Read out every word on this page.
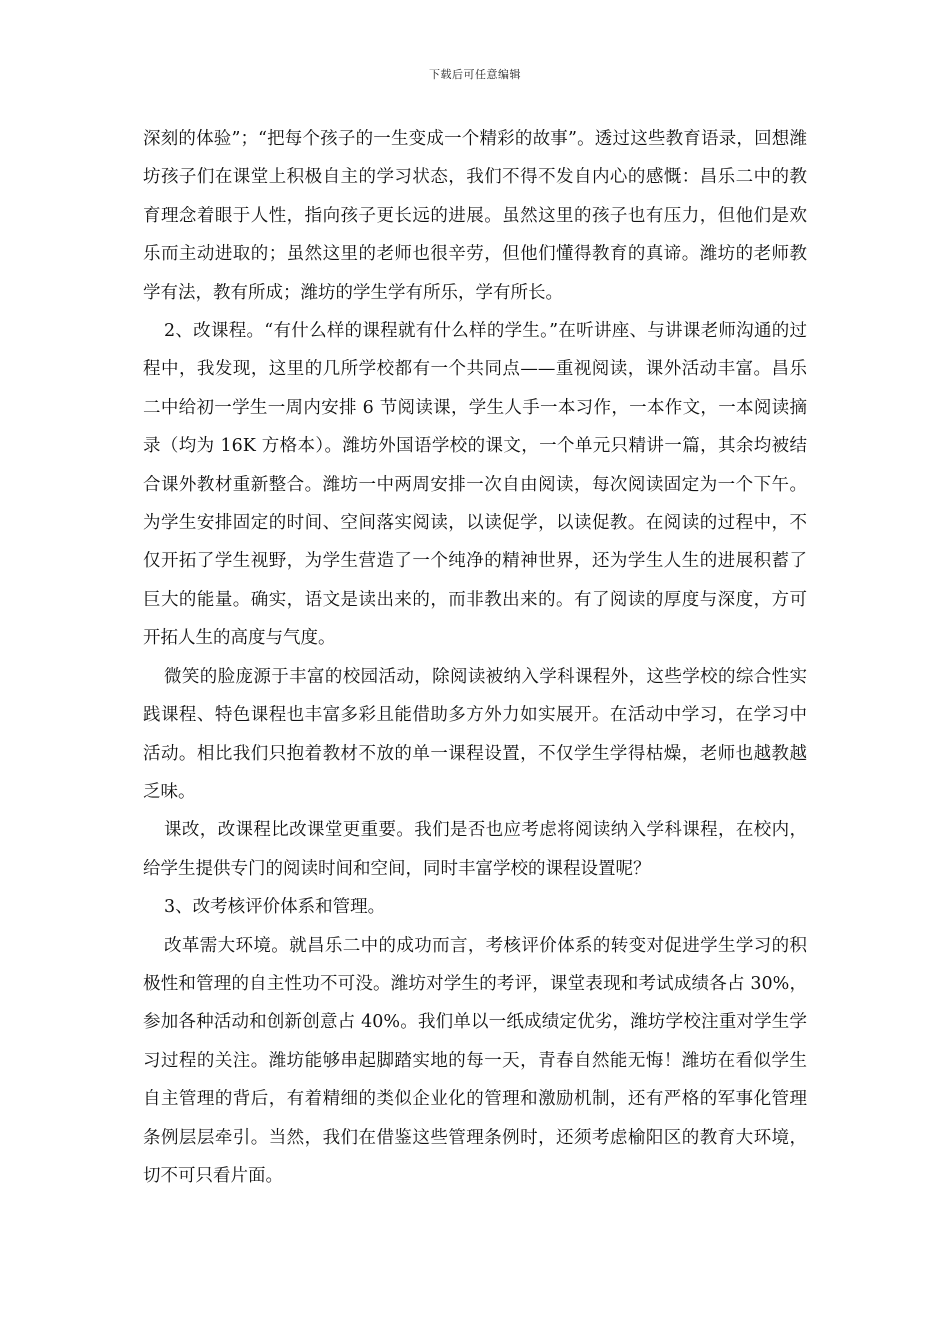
下载后可任意编辑

深刻的体验”；“把每个孩子的一生变成一个精彩的故事”。透过这些教育语录，回想潍坊孩子们在课堂上积极自主的学习状态，我们不得不发自内心的感慨：昌乐二中的教育理念着眼于人性，指向孩子更长远的进展。虽然这里的孩子也有压力，但他们是欢乐而主动进取的；虽然这里的老师也很辛劳，但他们懂得教育的真谛。潍坊的老师教学有法，教有所成；潍坊的学生学有所乐，学有所长。

2、改课程。“有什么样的课程就有什么样的学生。”在听讲座、与讲课老师沟通的过程中，我发现，这里的几所学校都有一个共同点——重视阅读，课外活动丰富。昌乐二中给初一学生一周内安排 6 节阅读课，学生人手一本习作，一本作文，一本阅读摘录（均为 16K 方格本）。潍坊外国语学校的课文，一个单元只精讲一篇，其余均被结合课外教材重新整合。潍坊一中两周安排一次自由阅读，每次阅读固定为一个下午。为学生安排固定的时间、空间落实阅读，以读促学，以读促教。在阅读的过程中，不仅开拓了学生视野，为学生营造了一个纯净的精神世界，还为学生人生的进展积蓄了巨大的能量。确实，语文是读出来的，而非教出来的。有了阅读的厚度与深度，方可开拓人生的高度与气度。

微笑的脸庞源于丰富的校园活动，除阅读被纳入学科课程外，这些学校的综合性实践课程、特色课程也丰富多彩且能借助多方外力如实展开。在活动中学习，在学习中活动。相比我们只抱着教材不放的单一课程设置，不仅学生学得枯燥，老师也越教越乏味。

课改，改课程比改课堂更重要。我们是否也应考虑将阅读纳入学科课程，在校内，给学生提供专门的阅读时间和空间，同时丰富学校的课程设置呢？

3、改考核评价体系和管理。

改革需大环境。就昌乐二中的成功而言，考核评价体系的转变对促进学生学习的积极性和管理的自主性功不可没。潍坊对学生的考评，课堂表现和考试成绩各占 30%，参加各种活动和创新创意占 40%。我们单以一纸成绩定优劣，潍坊学校注重对学生学习过程的关注。潍坊能够串起脚踏实地的每一天，青春自然能无悔！潍坊在看似学生自主管理的背后，有着精细的类似企业化的管理和激励机制，还有严格的军事化管理条例层层牵引。当然，我们在借鉴这些管理条例时，还须考虑榆阳区的教育大环境，切不可只看片面。
